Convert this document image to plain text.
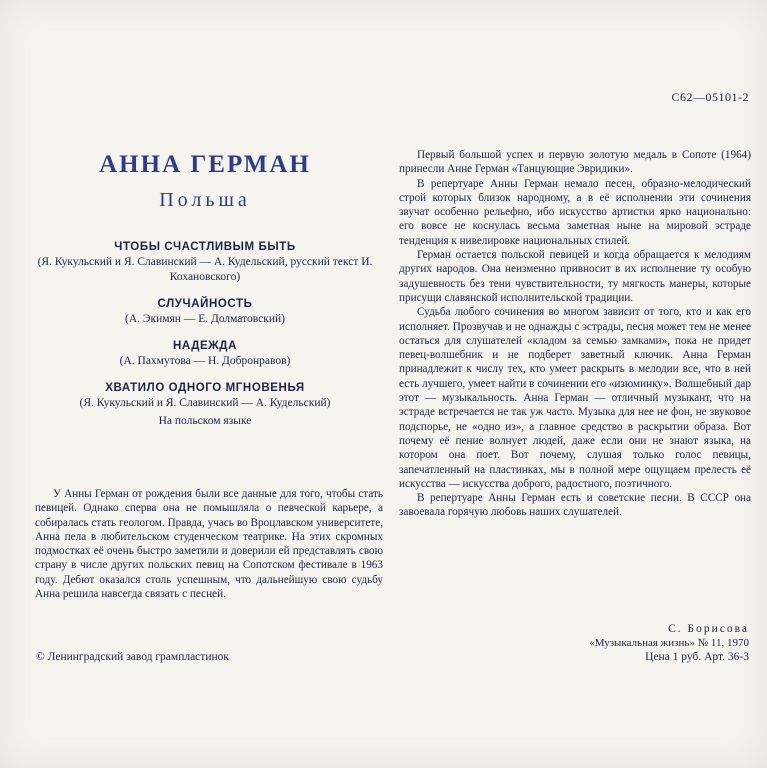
С62—05101-2
АННА ГЕРМАН
Польша
ЧТОБЫ СЧАСТЛИВЫМ БЫТЬ
(Я. Кукульский и Я. Славинский — А. Кудельский, русский текст И. Кохановского)
СЛУЧАЙНОСТЬ
(А. Экимян — Е. Долматовский)
НАДЕЖДА
(А. Пахмутова — Н. Добронравов)
ХВАТИЛО ОДНОГО МГНОВЕНЬЯ
(Я. Кукульский и Я. Славинский — А. Кудельский)
На польском языке

У Анны Герман от рождения были все данные для того, чтобы стать певицей. Однако сперва она не помышляла о певческой карьере, а собиралась стать геологом. Правда, учась во Вроцлавском университете, Анна пела в любительском студенческом театрике. На этих скромных подмостках её очень быстро заметили и доверили ей представлять свою страну в числе других польских певиц на Сопотском фестивале в 1963 году. Дебют оказался столь успешным, что дальнейшую свою судьбу Анна решила навсегда связать с песней.

Первый большой успех и первую золотую медаль в Сопоте (1964) принесли Анне Герман «Танцующие Эвридики».

В репертуаре Анны Герман немало песен, образно-мелодический строй которых близок народному, а в её исполнении эти сочинения звучат особенно рельефно, ибо искусство артистки ярко национально: его вовсе не коснулась весьма заметная ныне на мировой эстраде тенденция к нивелировке национальных стилей.

Герман остается польской певицей и когда обращается к мелодиям других народов. Она неизменно привносит в их исполнение ту особую задушевность без тени чувствительности, ту мягкость манеры, которые присущи славянской исполнительской традиции.

Судьба любого сочинения во многом зависит от того, кто и как его исполняет. Прозвучав и не однажды с эстрады, песня может тем не менее остаться для слушателей «кладом за семью замками», пока не придет певец-волшебник и не подберет заветный ключик. Анна Герман принадлежит к числу тех, кто умеет раскрыть в мелодии все, что в ней есть лучшего, умеет найти в сочинении его «изюминку». Волшебный дар этот — музыкальность. Анна Герман — отличный музыкант, что на эстраде встречается не так уж часто. Музыка для нее не фон, не звуковое подспорье, не «одно из», а главное средство в раскрытии образа. Вот почему её пение волнует людей, даже если они не знают языка, на котором она поет. Вот почему, слушая только голос певицы, запечатленный на пластинках, мы в полной мере ощущаем прелесть её искусства — искусства доброго, радостного, поэтичного.

В репертуаре Анны Герман есть и советские песни. В СССР она завоевала горячую любовь наших слушателей.

С. Борисова
«Музыкальная жизнь» № 11, 1970
© Ленинградский завод грампластинок	Цена 1 руб. Арт. 36-3
